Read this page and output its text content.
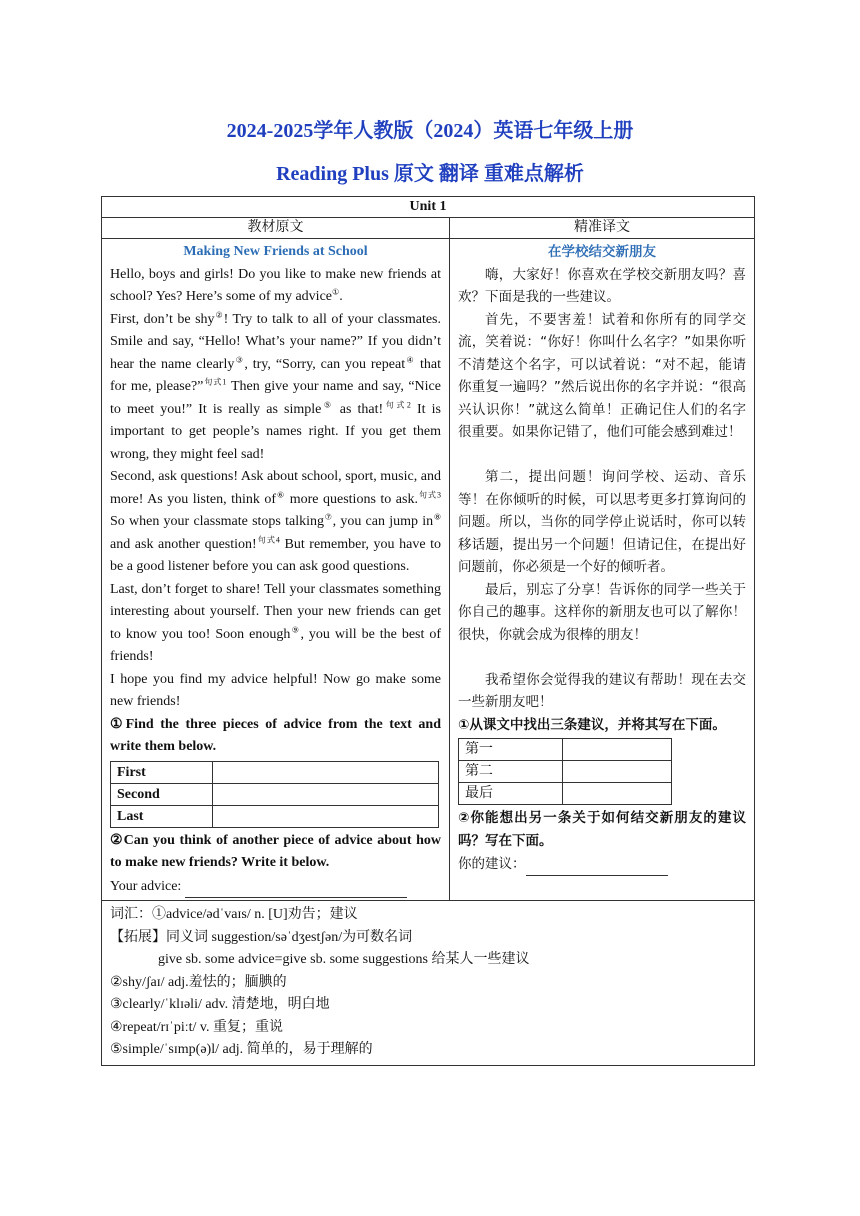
2024-2025学年人教版（2024）英语七年级上册
Reading Plus 原文 翻译 重难点解析
Unit 1
教材原文	精准译文

Making New Friends at School

Hello, boys and girls! Do you like to make new friends at school? Yes? Here’s some of my advice①.

First, don’t be shy②! Try to talk to all of your classmates. Smile and say, “Hello! What’s your name?” If you didn’t hear the name clearly③, try, “Sorry, can you repeat④ that for me, please?”$^{句式1}$ Then give your name and say, “Nice to meet you!” It is really as simple⑤ as that!$^{句式2}$ It is important to get people’s names right. If you get them wrong, they might feel sad!

Second, ask questions! Ask about school, sport, music, and more! As you listen, think of⑥ more questions to ask.$^{句式3}$ So when your classmate stops talking⑦, you can jump in⑧ and ask another question!$^{句式4}$ But remember, you have to be a good listener before you can ask good questions.

Last, don’t forget to share! Tell your classmates something interesting about yourself. Then your new friends can get to know you too! Soon enough⑨, you will be the best of friends!

I hope you find my advice helpful! Now go make some new friends!

①Find the three pieces of advice from the text and write them below.

First	
Second	
Last	

②Can you think of another piece of advice about how to make new friends? Write it below.

Your advice:

在学校结交新朋友

嗨，大家好！你喜欢在学校交新朋友吗？喜欢？下面是我的一些建议。

首先，不要害羞！试着和你所有的同学交流，笑着说：“你好！你叫什么名字？”如果你听不清楚这个名字，可以试着说：“对不起，能请你重复一遍吗？”然后说出你的名字并说：“很高兴认识你！”就这么简单！正确记住人们的名字很重要。如果你记错了，他们可能会感到难过！

第二，提出问题！询问学校、运动、音乐等！在你倾听的时候，可以思考更多打算询问的问题。所以，当你的同学停止说话时，你可以转移话题，提出另一个问题！但请记住，在提出好问题前，你必须是一个好的倾听者。

最后，别忘了分享！告诉你的同学一些关于你自己的趣事。这样你的新朋友也可以了解你！很快，你就会成为很棒的朋友！

我希望你会觉得我的建议有帮助！现在去交一些新朋友吧！

①从课文中找出三条建议，并将其写在下面。

第一	
第二	
最后	

②你能想出另一条关于如何结交新朋友的建议吗？写在下面。

你的建议：

词汇：①advice/ədˈvaɪs/ n. [U]劝告；建议

【拓展】同义词 suggestion/səˈdʒestʃən/为可数名词

give sb. some advice=give sb. some suggestions 给某人一些建议

②shy/ʃaɪ/ adj.羞怯的；腼腆的

③clearly/ˈklɪəli/ adv. 清楚地，明白地

④repeat/rɪˈpiːt/ v. 重复；重说

⑤simple/ˈsɪmp(ə)l/ adj. 简单的，易于理解的
